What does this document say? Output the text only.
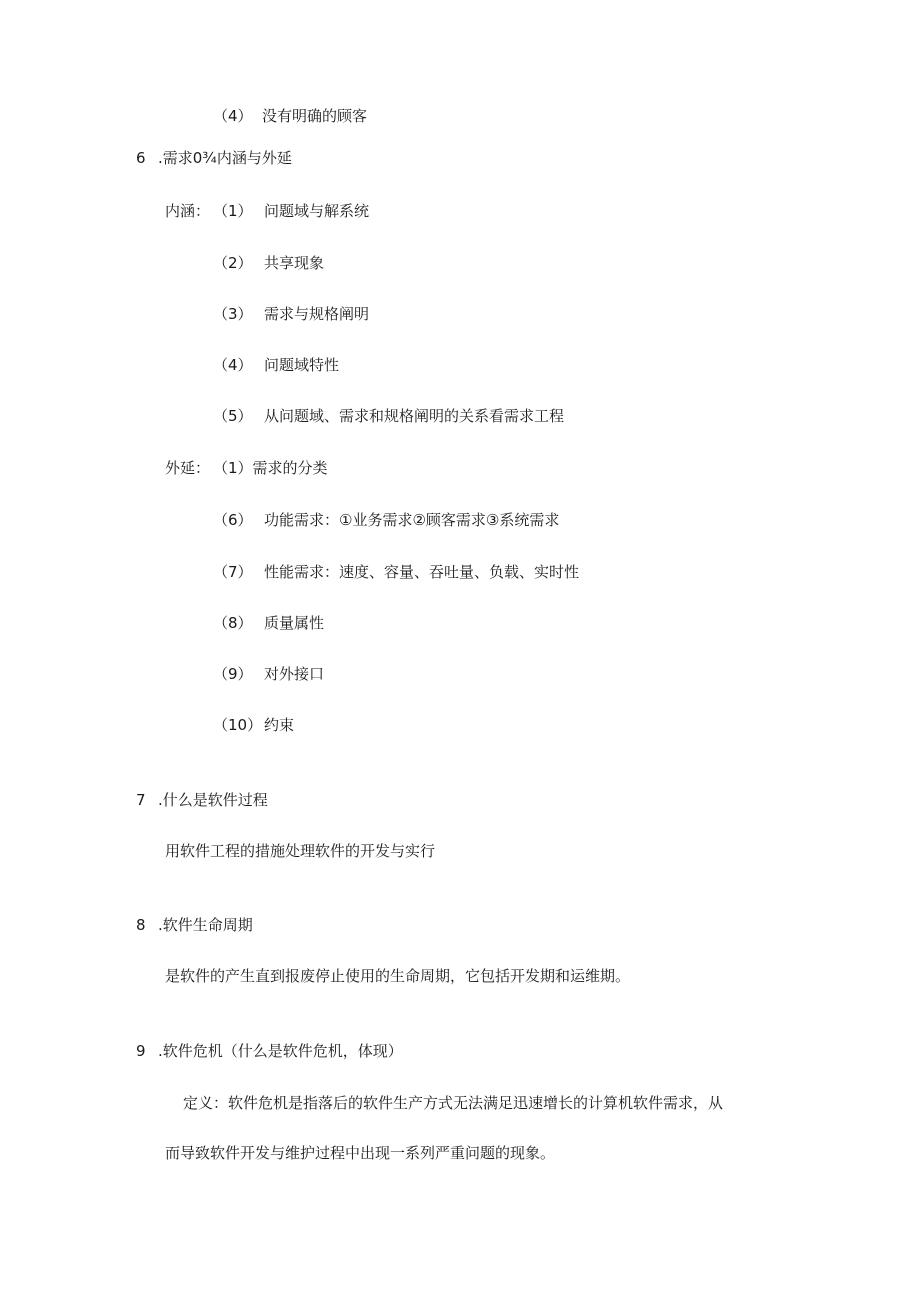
（4） 没有明确的顾客
6 .需求0¾内涵与外延
内涵： （1） 问题域与解系统
（2） 共享现象
（3） 需求与规格阐明
（4） 问题域特性
（5） 从问题域、需求和规格阐明的关系看需求工程
外延： （1）需求的分类
（6） 功能需求：①业务需求②顾客需求③系统需求
（7） 性能需求：速度、容量、吞吐量、负载、实时性
（8） 质量属性
（9） 对外接口
（10） 约束
7 .什么是软件过程
用软件工程的措施处理软件的开发与实行
8 .软件生命周期
是软件的产生直到报废停止使用的生命周期，它包括开发期和运维期。
9 .软件危机（什么是软件危机，体现）
定义：软件危机是指落后的软件生产方式无法满足迅速增长的计算机软件需求，从
而导致软件开发与维护过程中出现一系列严重问题的现象。
